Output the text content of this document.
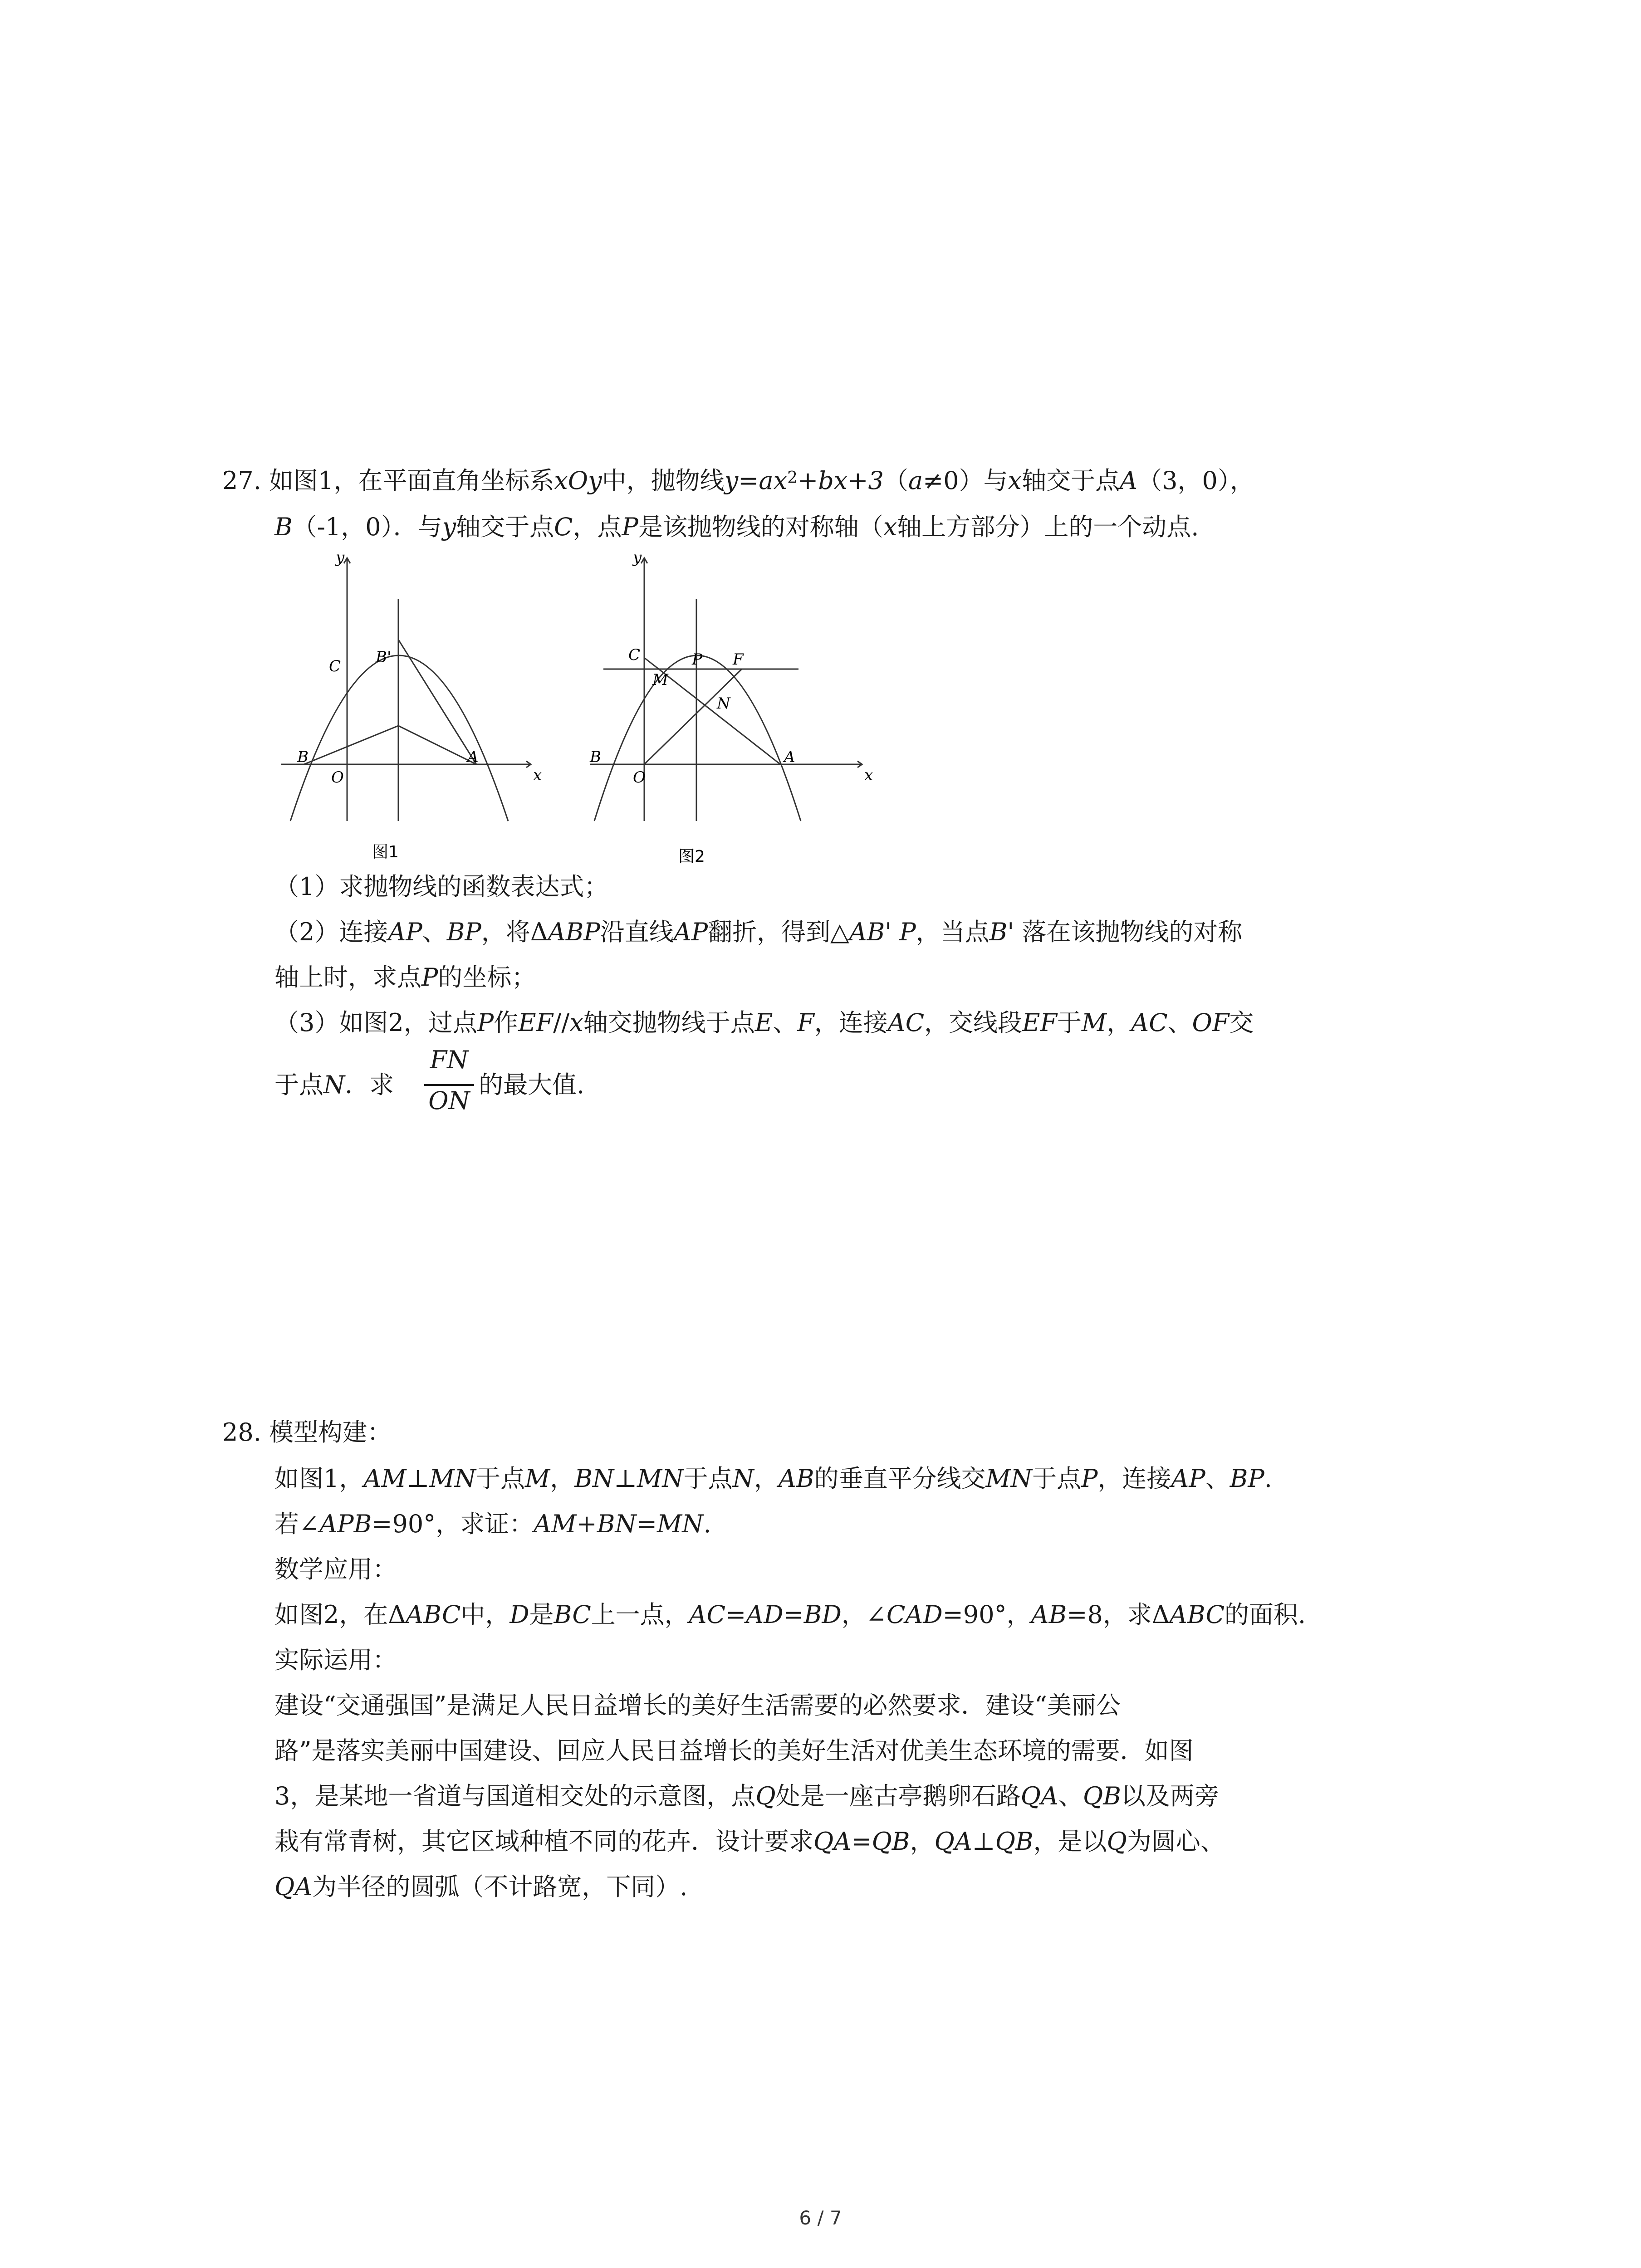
27. 如图1，在平面直角坐标系xOy中，抛物线$y=ax^2+bx+3(a\ne 0)$与x轴交于点A（3，0），
B（-1，0）．与y轴交于点C，点P是该抛物线的对称轴（x轴上方部分）上的一个动点.
y
x
C B'
B
O
A
图1
y
x
C
M
P F
N
B
O
A
图2
（1）求抛物线的函数表达式；
（2）连接AP、BP，将ΔABP沿直线AP翻折，得到△AB' P，当点B' 落在该抛物线的对称
轴上时，求点P的坐标；
（3）如图2，过点P作EF//x轴交抛物线于点E、F，连接AC，交线段EF于M，AC、OF交
于点N．求
FN
ON
的最大值.
28. 模型构建：
如图1，AM⊥MN于点M，BN⊥MN于点N，AB的垂直平分线交MN于点P，连接AP、BP.
若∠APB=90°，求证：AM+BN=MN.
数学应用：
如图2，在ΔABC中，D是BC上一点，AC=AD=BD，∠CAD=90°，AB=8，求ΔABC的面积.
实际运用：
建设“交通强国”是满足人民日益增长的美好生活需要的必然要求．建设“美丽公
路”是落实美丽中国建设、回应人民日益增长的美好生活对优美生态环境的需要．如图
3，是某地一省道与国道相交处的示意图，点Q处是一座古亭鹅卵石路QA、QB以及两旁
栽有常青树，其它区域种植不同的花卉．设计要求QA=QB，QA⊥QB，是以Q为圆心、
QA为半径的圆弧（不计路宽，下同）.
6 / 7
